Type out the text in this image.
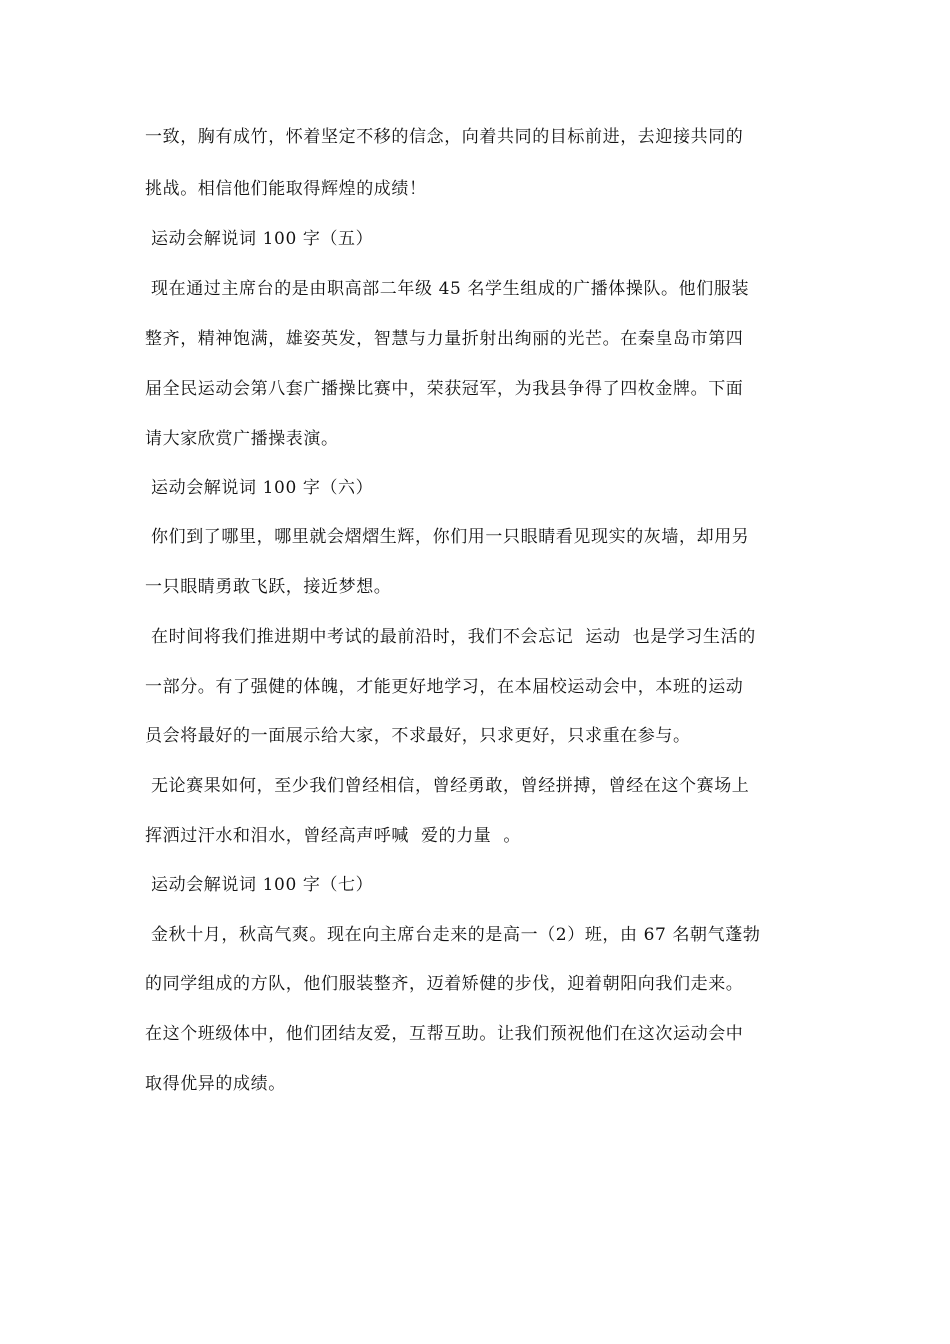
一致，胸有成竹，怀着坚定不移的信念，向着共同的目标前进，去迎接共同的
挑战。相信他们能取得辉煌的成绩！
运动会解说词 100 字（五）
现在通过主席台的是由职高部二年级 45 名学生组成的广播体操队。他们服装
整齐，精神饱满，雄姿英发，智慧与力量折射出绚丽的光芒。在秦皇岛市第四
届全民运动会第八套广播操比赛中，荣获冠军，为我县争得了四枚金牌。下面
请大家欣赏广播操表演。
运动会解说词 100 字（六）
你们到了哪里，哪里就会熠熠生辉，你们用一只眼睛看见现实的灰墙，却用另
一只眼睛勇敢飞跃，接近梦想。
在时间将我们推进期中考试的最前沿时，我们不会忘记  运动  也是学习生活的
一部分。有了强健的体魄，才能更好地学习，在本届校运动会中，本班的运动
员会将最好的一面展示给大家，不求最好，只求更好，只求重在参与。
无论赛果如何，至少我们曾经相信，曾经勇敢，曾经拼搏，曾经在这个赛场上
挥洒过汗水和泪水，曾经高声呼喊  爱的力量  。
运动会解说词 100 字（七）
金秋十月，秋高气爽。现在向主席台走来的是高一（2）班，由 67 名朝气蓬勃
的同学组成的方队，他们服装整齐，迈着矫健的步伐，迎着朝阳向我们走来。
在这个班级体中，他们团结友爱，互帮互助。让我们预祝他们在这次运动会中
取得优异的成绩。
